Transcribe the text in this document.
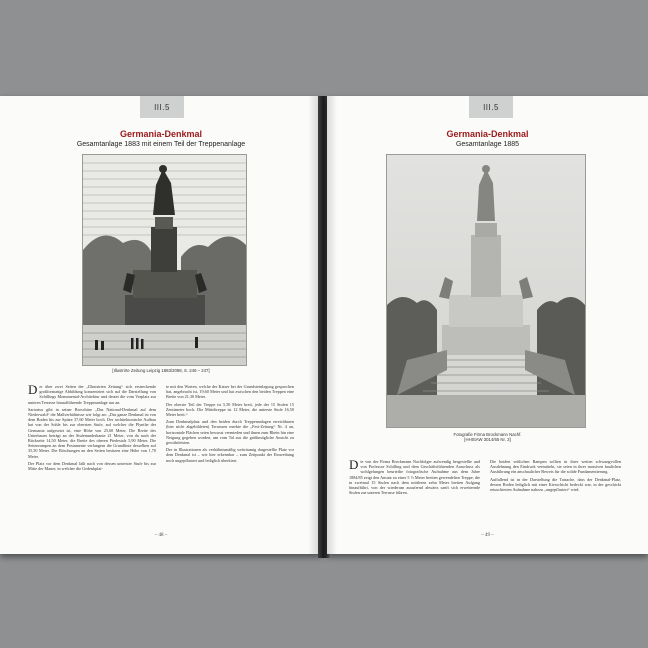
III.5
Germania-Denkmal
Gesamtanlage 1883 mit einem Teil der Treppenanlage
[Illustrirte Zeitung Leipzig 1883/2098, S. 246 – 247]

Der über zwei Seiten der „Illustrirten Zeitung“ sich erstreckende großformatige Abbildung konzentriert sich auf die Darstellung von Schillings Monumental-Architektur und deutet die vom Vorplatz zur unteren Terrasse hinaufführende Treppenanlage nur an.

Sartorius gibt in seiner Broschüre „Das National-Denkmal auf dem Niederwald“ die Maßverhältnisse wie folgt an: „Das ganze Denkmal ist von dem Boden bis zur Spitze 37,60 Meter hoch. Der architektonische Aufbau hat von der Sohle bis zur obersten Stufe, auf welcher die Plynthe der Germania aufgesetzt ist, eine Höhe von 25,60 Meter. Die Breite des Unterbaues beträgt an der Stufenunderkante 21 Meter, von da nach der Rückseite 14,50 Meter, die Breite des oberen Piedestals 5,90 Meter. Die Seitenrampen an dem Postamente verlangern die Grundlinie desselben auf 35,50 Meter. Die Böschungen an den Seiten besitzen eine Höhe von 1,70 Meter.

Der Platz vor dem Denkmal läßt nach von dessen unterster Stufe bis zur Mitte der Mauer, in welcher die Gedenkplat-

te mit den Worten, welche der Kaiser bei der Grundsteinlegung gesprochen hat, angebracht ist, 19,60 Meter und hat zwischen den beiden Treppen eine Breite von 21,30 Meter.

Der oberste Teil der Treppe ist 5,50 Meter breit, jede der 15 Stufen 15 Zentimeter hoch. Die Mitteltreppe ist 12 Meter, die unterste Stufe 16,50 Meter breit.“

Zum Denkmalplatz und den beiden durch Treppenanlagen erreichbaren (hier nicht abgebildeten) Terrassen merkte die „Fest-Zeitung“ Nr. 4 an, horizontale Flächen seien bewusst vermieden und ihnen zum Rhein hin eine Neigung gegeben worden, um vom Tal aus die größtmögliche Ansicht zu gewährleisten.

Der in Illustrationen als verhältnismäßig weiträumig dargestellte Platz vor dem Denkmal ist – wie hier erkennbar – zum Zeitpunkt der Einweihung noch ungepflastert und lediglich überkiest.

– 48 –
III.5
Germania-Denkmal
Gesamtanlage 1885
Fotografie Firma Brockmann Nachf.
[HHStAW 3014/65 Nr. 3]

Die von der Firma Brockmann Nachfolger aufwendig hergestellte und von Professor Schilling und dem Geschäftsführenden Ausschuss als wohlgelungen beurteilte fotografische Aufnahme aus dem Jahre 1884/85 zeigt den Ansatz zu einer 5 ½ Meter breiten gewendelten Treppe, die in zweimal 15 Stufen nach dem mittleren zehn Meter breiten Aufgang hinaufführt, von der wiederum ausufernd abwärts sanft sich erweiternde Stufen zur unteren Terrasse führen.

Die beiden seitlichen Rampen sollten in ihrer weiten schwungvollen Ausdehnung den Eindruck vermitteln, sie seien in ihrer massiven baulichen Ausführung ein anschaulicher Beweis für die solide Fundamentierung.

Auffallend ist in der Darstellung die Tatsache, dass der Denkmal-Platz, dessen Boden lediglich mit einer Kiesschicht bedeckt war, in der geschickt retuschierten Aufnahme nahezu „ungepflastert“ wird.

– 49 –
